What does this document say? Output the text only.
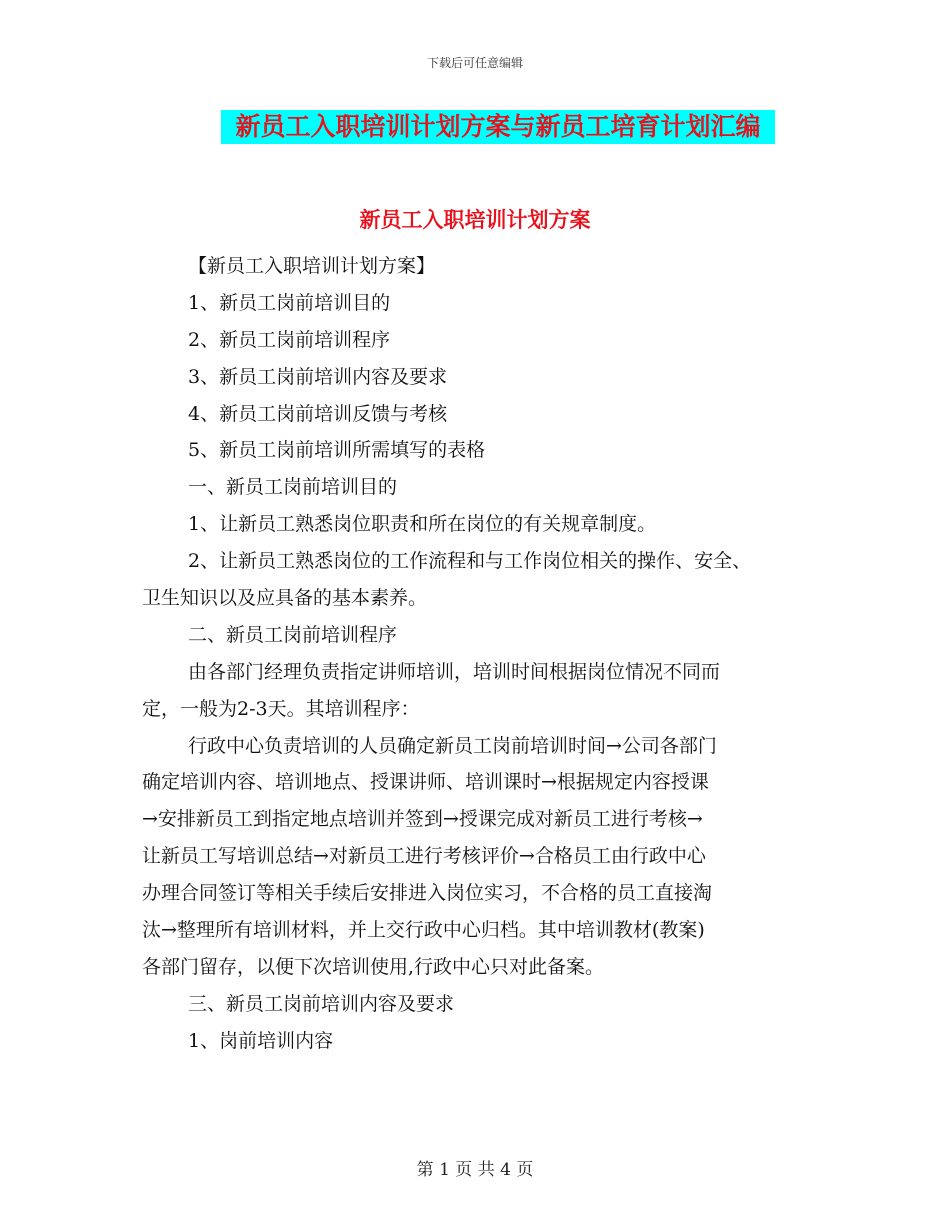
下载后可任意编辑
新员工入职培训计划方案与新员工培育计划汇编
新员工入职培训计划方案
【新员工入职培训计划方案】
1、新员工岗前培训目的
2、新员工岗前培训程序
3、新员工岗前培训内容及要求
4、新员工岗前培训反馈与考核
5、新员工岗前培训所需填写的表格
一、新员工岗前培训目的
1、让新员工熟悉岗位职责和所在岗位的有关规章制度。
2、让新员工熟悉岗位的工作流程和与工作岗位相关的操作、安全、
卫生知识以及应具备的基本素养。
二、新员工岗前培训程序
由各部门经理负责指定讲师培训，培训时间根据岗位情况不同而
定，一般为2-3天。其培训程序：
行政中心负责培训的人员确定新员工岗前培训时间→公司各部门
确定培训内容、培训地点、授课讲师、培训课时→根据规定内容授课
→安排新员工到指定地点培训并签到→授课完成对新员工进行考核→
让新员工写培训总结→对新员工进行考核评价→合格员工由行政中心
办理合同签订等相关手续后安排进入岗位实习，不合格的员工直接淘
汰→整理所有培训材料，并上交行政中心归档。其中培训教材(教案)
各部门留存，以便下次培训使用,行政中心只对此备案。
三、新员工岗前培训内容及要求
1、岗前培训内容
第 1 页 共 4 页
